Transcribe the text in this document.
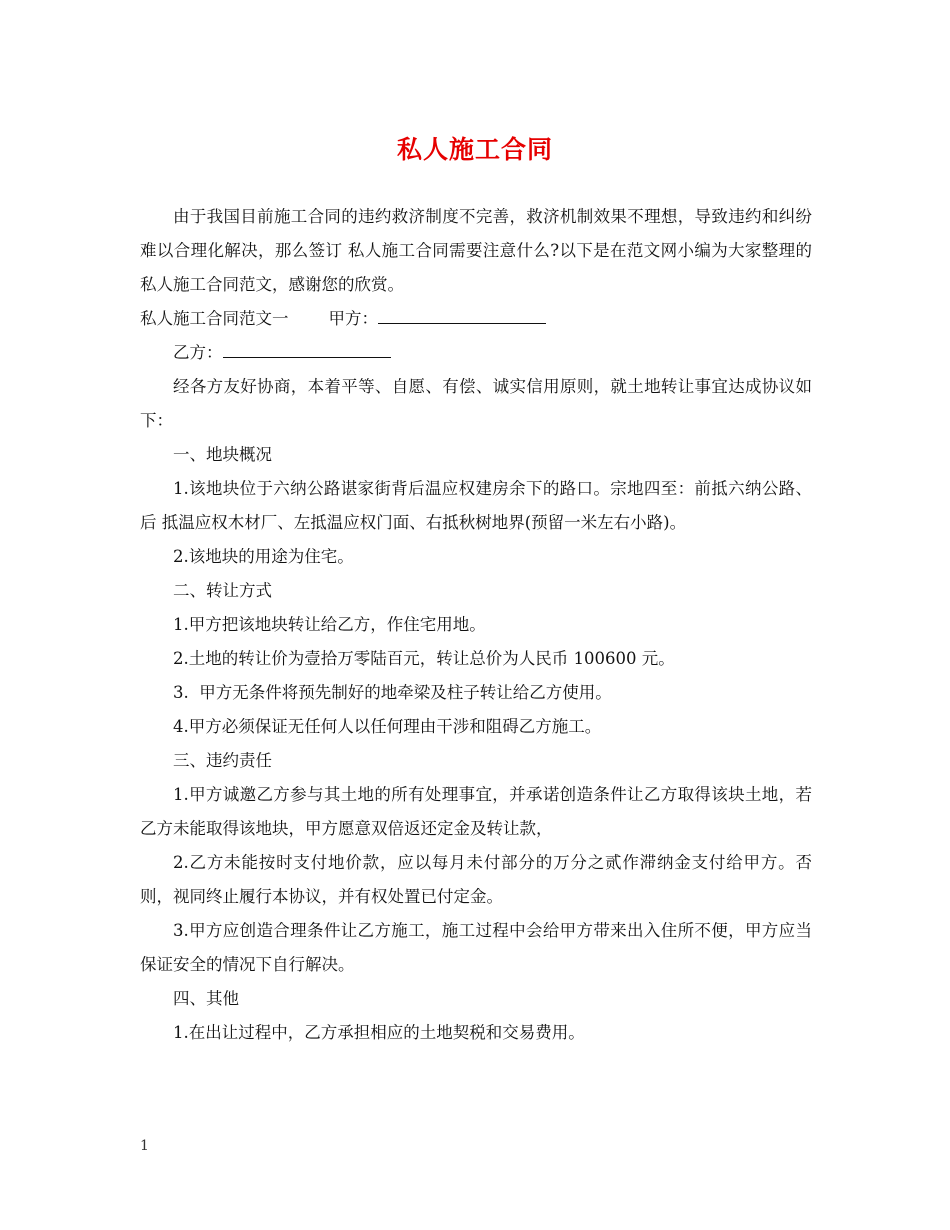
私人施工合同

由于我国目前施工合同的违约救济制度不完善，救济机制效果不理想，导致违约和纠纷难以合理化解决，那么签订 私人施工合同需要注意什么?以下是在范文网小编为大家整理的私人施工合同范文，感谢您的欣赏。

私人施工合同范文一 甲方：

乙方：

经各方友好协商，本着平等、自愿、有偿、诚实信用原则，就土地转让事宜达成协议如下：

一、地块概况

1.该地块位于六纳公路谌家街背后温应权建房余下的路口。宗地四至：前抵六纳公路、后 抵温应权木材厂、左抵温应权门面、右抵秋树地界(预留一米左右小路)。

2.该地块的用途为住宅。

二、转让方式

1.甲方把该地块转让给乙方，作住宅用地。

2.土地的转让价为壹拾万零陆百元，转让总价为人民币 100600 元。

3.  甲方无条件将预先制好的地牵梁及柱子转让给乙方使用。

4.甲方必须保证无任何人以任何理由干涉和阻碍乙方施工。

三、违约责任

1.甲方诚邀乙方参与其土地的所有处理事宜，并承诺创造条件让乙方取得该块土地，若乙方未能取得该地块，甲方愿意双倍返还定金及转让款，

2.乙方未能按时支付地价款，应以每月未付部分的万分之贰作滞纳金支付给甲方。否则，视同终止履行本协议，并有权处置已付定金。

3.甲方应创造合理条件让乙方施工，施工过程中会给甲方带来出入住所不便，甲方应当保证安全的情况下自行解决。

四、其他

1.在出让过程中，乙方承担相应的土地契税和交易费用。

1
